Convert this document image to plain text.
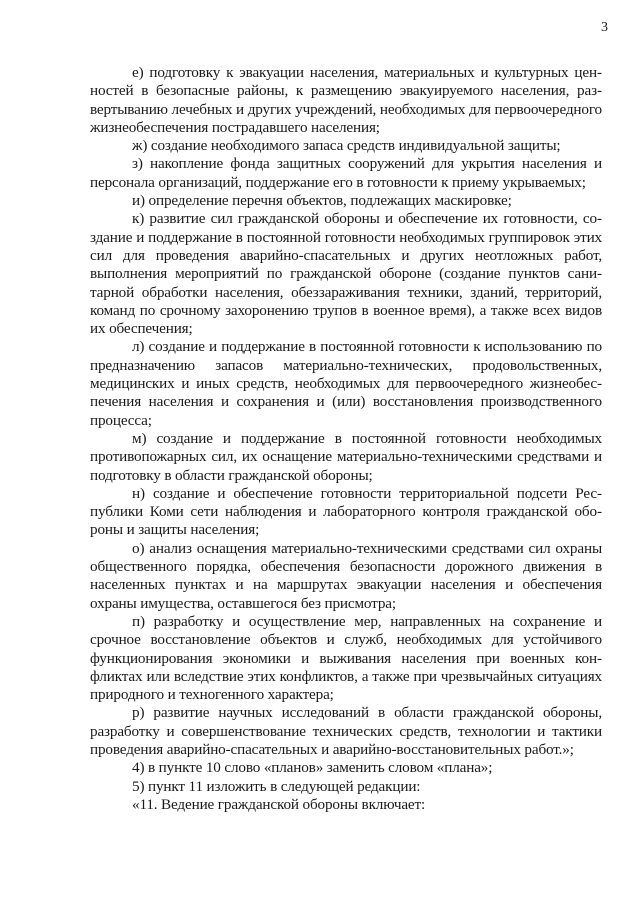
3

е) подготовку к эвакуации населения, материальных и культурных ценностей в безопасные районы, к размещению эвакуируемого населения, развертыванию лечебных и других учреждений, необходимых для первоочередного жизнеобеспечения пострадавшего населения;

ж) создание необходимого запаса средств индивидуальной защиты;

з) накопление фонда защитных сооружений для укрытия населения и персонала организаций, поддержание его в готовности к приему укрываемых;

и) определение перечня объектов, подлежащих маскировке;

к) развитие сил гражданской обороны и обеспечение их готовности, создание и поддержание в постоянной готовности необходимых группировок этих сил для проведения аварийно-спасательных и других неотложных работ, выполнения мероприятий по гражданской обороне (создание пунктов санитарной обработки населения, обеззараживания техники, зданий, территорий, команд по срочному захоронению трупов в военное время), а также всех видов их обеспечения;

л) создание и поддержание в постоянной готовности к использованию по предназначению запасов материально-технических, продовольственных, медицинских и иных средств, необходимых для первоочередного жизнеобеспечения населения и сохранения и (или) восстановления производственного процесса;

м) создание и поддержание в постоянной готовности необходимых противопожарных сил, их оснащение материально-техническими средствами и подготовку в области гражданской обороны;

н) создание и обеспечение готовности территориальной подсети Республики Коми сети наблюдения и лабораторного контроля гражданской обороны и защиты населения;

о) анализ оснащения материально-техническими средствами сил охраны общественного порядка, обеспечения безопасности дорожного движения в населенных пунктах и на маршрутах эвакуации населения и обеспечения охраны имущества, оставшегося без присмотра;

п) разработку и осуществление мер, направленных на сохранение и срочное восстановление объектов и служб, необходимых для устойчивого функционирования экономики и выживания населения при военных конфликтах или вследствие этих конфликтов, а также при чрезвычайных ситуациях природного и техногенного характера;

р) развитие научных исследований в области гражданской обороны, разработку и совершенствование технических средств, технологии и тактики проведения аварийно-спасательных и аварийно-восстановительных работ.»;

4) в пункте 10 слово «планов» заменить словом «плана»;

5) пункт 11 изложить в следующей редакции:

«11. Ведение гражданской обороны включает:
